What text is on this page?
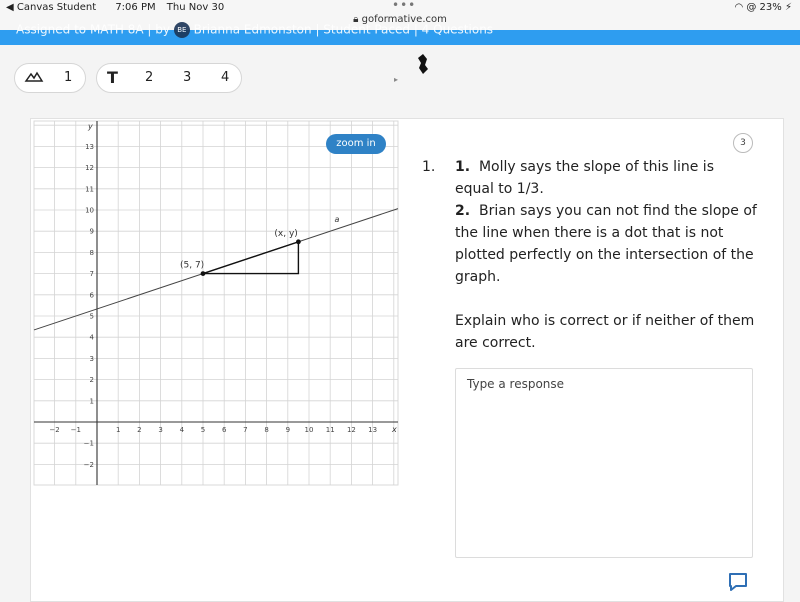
◀ Canvas Student 7:06 PM Thu Nov 30	•••
🔒︎ goformative.com
◠ @ 23% ⚡︎
Assigned to MATH 8A | by BE Brianna Edmonston | Student Paced | 4 Questions
1 T 2 3 4	▸
−2 −1	1 2 3 4 5 6 7 8 9 10 11 12 13
13
12
11
10
9
8
7
6
5
4
3
2
1
−1
−2
(5, 7)
(x, y)
a
x
y
zoom in	3
1. 1. Molly says the slope of this line is equal to 1/3.

2. Brian says you can not find the slope of the line when there is a dot that is not plotted perfectly on the intersection of the graph.

Explain who is correct or if neither of them are correct.

Type a response
